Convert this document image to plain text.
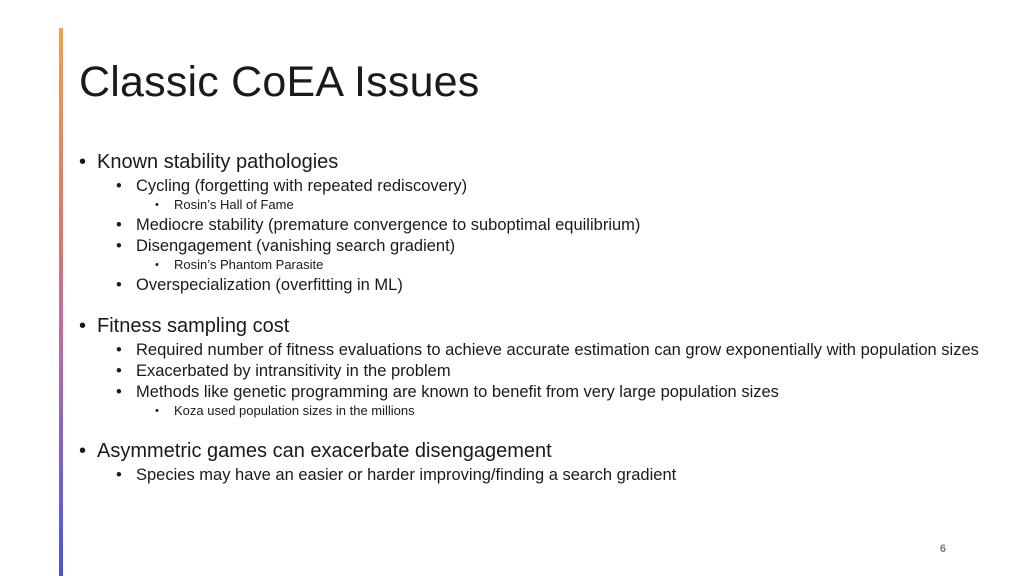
Classic CoEA Issues
• Known stability pathologies
• Cycling (forgetting with repeated rediscovery)
• Rosin’s Hall of Fame
• Mediocre stability (premature convergence to suboptimal equilibrium)
• Disengagement (vanishing search gradient)
• Rosin’s Phantom Parasite
• Overspecialization (overfitting in ML)
• Fitness sampling cost
• Required number of fitness evaluations to achieve accurate estimation can grow exponentially with population sizes
• Exacerbated by intransitivity in the problem
• Methods like genetic programming are known to benefit from very large population sizes
• Koza used population sizes in the millions
• Asymmetric games can exacerbate disengagement
• Species may have an easier or harder improving/finding a search gradient
6
